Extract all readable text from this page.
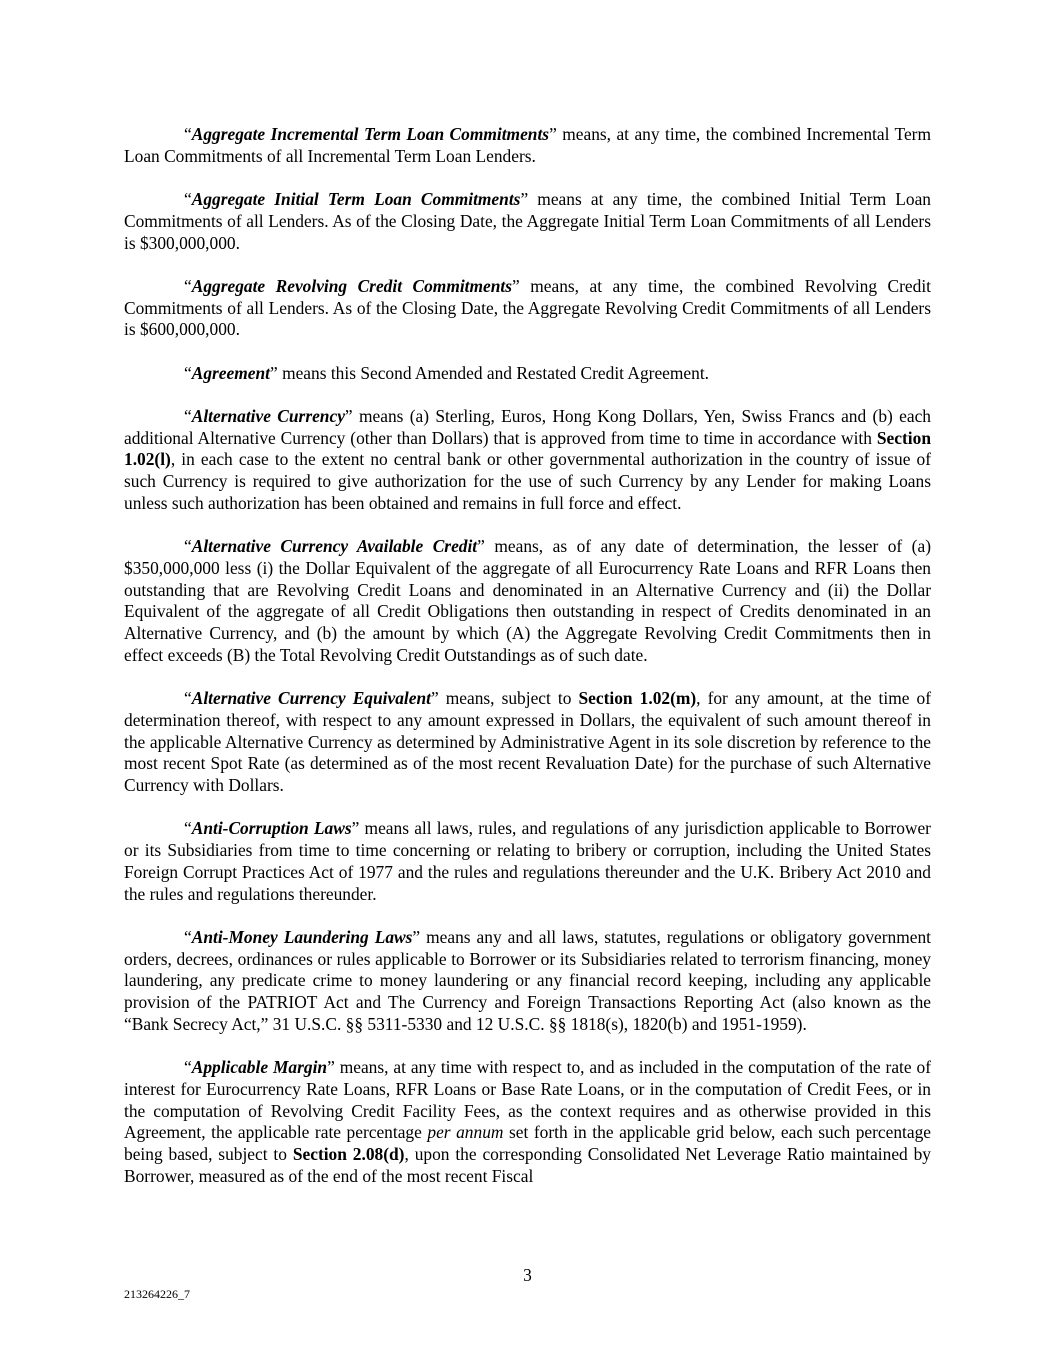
“Aggregate Incremental Term Loan Commitments” means, at any time, the combined Incremental Term Loan Commitments of all Incremental Term Loan Lenders.

“Aggregate Initial Term Loan Commitments” means at any time, the combined Initial Term Loan Commitments of all Lenders. As of the Closing Date, the Aggregate Initial Term Loan Commitments of all Lenders is $300,000,000.

“Aggregate Revolving Credit Commitments” means, at any time, the combined Revolving Credit Commitments of all Lenders. As of the Closing Date, the Aggregate Revolving Credit Commitments of all Lenders is $600,000,000.

“Agreement” means this Second Amended and Restated Credit Agreement.

“Alternative Currency” means (a) Sterling, Euros, Hong Kong Dollars, Yen, Swiss Francs and (b) each additional Alternative Currency (other than Dollars) that is approved from time to time in accordance with Section 1.02(l), in each case to the extent no central bank or other governmental authorization in the country of issue of such Currency is required to give authorization for the use of such Currency by any Lender for making Loans unless such authorization has been obtained and remains in full force and effect.

“Alternative Currency Available Credit” means, as of any date of determination, the lesser of (a) $350,000,000 less (i) the Dollar Equivalent of the aggregate of all Eurocurrency Rate Loans and RFR Loans then outstanding that are Revolving Credit Loans and denominated in an Alternative Currency and (ii) the Dollar Equivalent of the aggregate of all Credit Obligations then outstanding in respect of Credits denominated in an Alternative Currency, and (b) the amount by which (A) the Aggregate Revolving Credit Commitments then in effect exceeds (B) the Total Revolving Credit Outstandings as of such date.

“Alternative Currency Equivalent” means, subject to Section 1.02(m), for any amount, at the time of determination thereof, with respect to any amount expressed in Dollars, the equivalent of such amount thereof in the applicable Alternative Currency as determined by Administrative Agent in its sole discretion by reference to the most recent Spot Rate (as determined as of the most recent Revaluation Date) for the purchase of such Alternative Currency with Dollars.

“Anti-Corruption Laws” means all laws, rules, and regulations of any jurisdiction applicable to Borrower or its Subsidiaries from time to time concerning or relating to bribery or corruption, including the United States Foreign Corrupt Practices Act of 1977 and the rules and regulations thereunder and the U.K. Bribery Act 2010 and the rules and regulations thereunder.

“Anti-Money Laundering Laws” means any and all laws, statutes, regulations or obligatory government orders, decrees, ordinances or rules applicable to Borrower or its Subsidiaries related to terrorism financing, money laundering, any predicate crime to money laundering or any financial record keeping, including any applicable provision of the PATRIOT Act and The Currency and Foreign Transactions Reporting Act (also known as the “Bank Secrecy Act,” 31 U.S.C. §§ 5311-5330 and 12 U.S.C. §§ 1818(s), 1820(b) and 1951-1959).

“Applicable Margin” means, at any time with respect to, and as included in the computation of the rate of interest for Eurocurrency Rate Loans, RFR Loans or Base Rate Loans, or in the computation of Credit Fees, or in the computation of Revolving Credit Facility Fees, as the context requires and as otherwise provided in this Agreement, the applicable rate percentage per annum set forth in the applicable grid below, each such percentage being based, subject to Section 2.08(d), upon the corresponding Consolidated Net Leverage Ratio maintained by Borrower, measured as of the end of the most recent Fiscal

3
213264226_7
